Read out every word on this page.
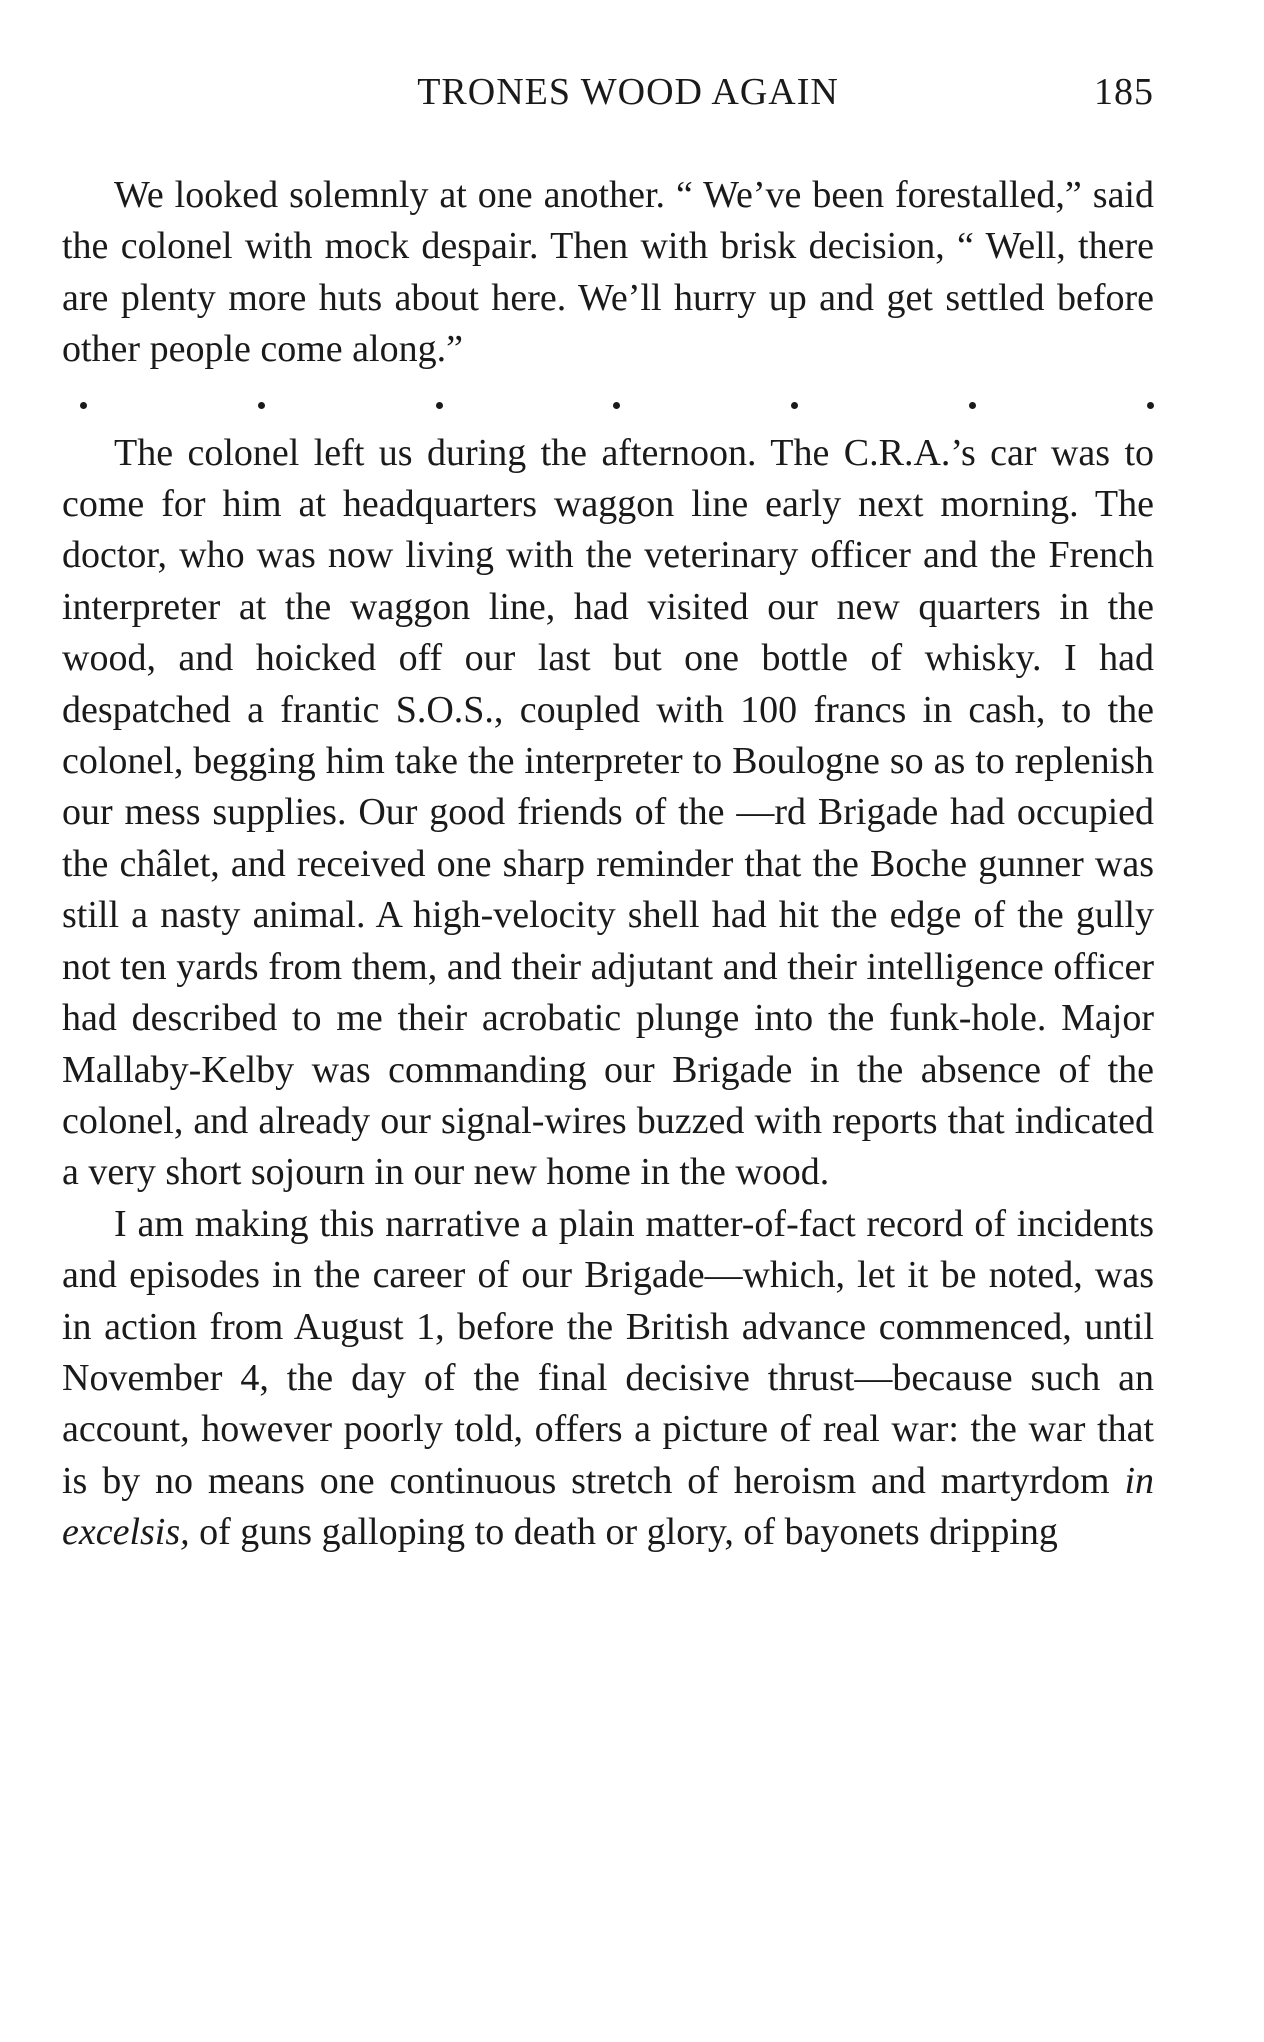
TRONES WOOD AGAIN	185

We looked solemnly at one another. “ We’ve been forestalled,” said the colonel with mock despair. Then with brisk decision, “ Well, there are plenty more huts about here. We’ll hurry up and get settled before other people come along.”

The colonel left us during the afternoon. The C.R.A.’s car was to come for him at headquarters waggon line early next morning. The doctor, who was now living with the veterinary officer and the French interpreter at the waggon line, had visited our new quarters in the wood, and hoicked off our last but one bottle of whisky. I had despatched a frantic S.O.S., coupled with 100 francs in cash, to the colonel, begging him take the interpreter to Boulogne so as to replenish our mess supplies. Our good friends of the —rd Brigade had occupied the châlet, and received one sharp reminder that the Boche gunner was still a nasty animal. A high-velocity shell had hit the edge of the gully not ten yards from them, and their adjutant and their intelligence officer had described to me their acrobatic plunge into the funk-hole. Major Mallaby-Kelby was commanding our Brigade in the absence of the colonel, and already our signal-wires buzzed with reports that indicated a very short sojourn in our new home in the wood.

I am making this narrative a plain matter-of-fact record of incidents and episodes in the career of our Brigade—which, let it be noted, was in action from August 1, before the British advance commenced, until November 4, the day of the final decisive thrust—because such an account, however poorly told, offers a picture of real war: the war that is by no means one continuous stretch of heroism and martyrdom in excelsis, of guns galloping to death or glory, of bayonets dripping
